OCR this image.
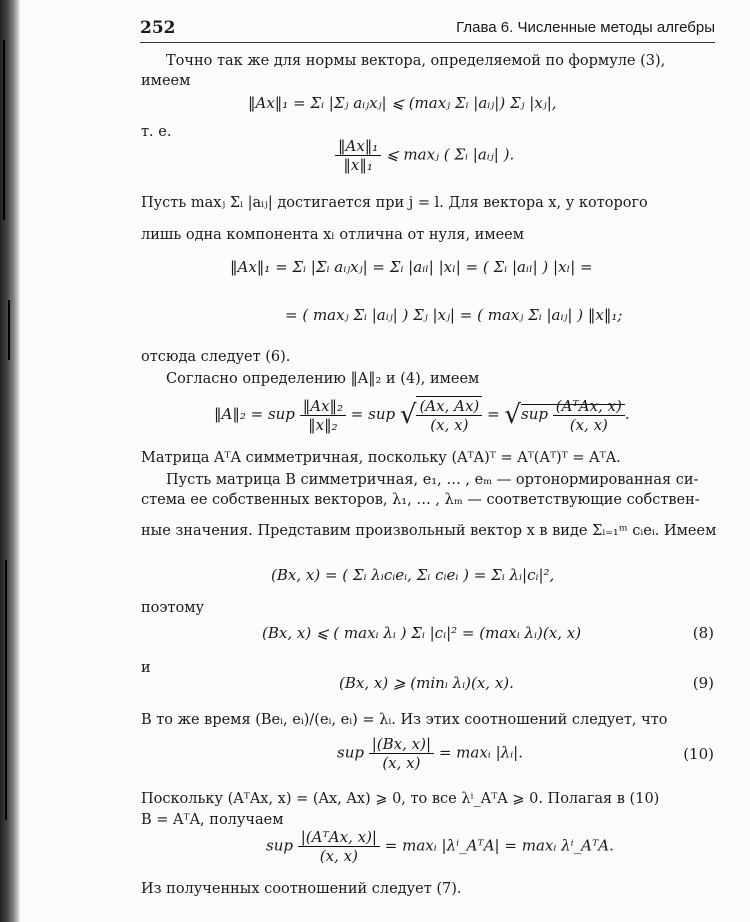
252	Глава 6. Численные методы алгебры
Точно так же для нормы вектора, определяемой по формуле (3),
имеем
‖Ax‖₁ = Σᵢ |Σⱼ aᵢⱼxⱼ| ⩽ (maxⱼ Σᵢ |aᵢⱼ|) Σⱼ |xⱼ|,
т. е.
$\frac{\text{‖Ax‖₁}}{\text{‖x‖₁}}$ ⩽ maxⱼ ( Σᵢ |aᵢⱼ| ).
Пусть maxⱼ Σᵢ |aᵢⱼ| достигается при j = l. Для вектора x, у которого
лишь одна компонента xₗ отлична от нуля, имеем
‖Ax‖₁ = Σᵢ |Σᵢ aᵢⱼxⱼ| = Σᵢ |aᵢₗ| |xₗ| = ( Σᵢ |aᵢₗ| ) |xₗ| =
= ( maxⱼ Σᵢ |aᵢⱼ| ) Σⱼ |xⱼ| = ( maxⱼ Σᵢ |aᵢⱼ| ) ‖x‖₁;
отсюда следует (6).
Согласно определению ‖A‖₂ и (4), имеем
‖A‖₂ = sup $\frac{\text{‖Ax‖₂}}{\text{‖x‖₂}}$ = sup √ $\frac{(Ax, Ax)}{(x, x)} = √sup \frac{\text{(AᵀAx, x)}}{(x, x)}$ .
Матрица AᵀA симметричная, поскольку (AᵀA)ᵀ = Aᵀ(Aᵀ)ᵀ = AᵀA.
Пусть матрица B симметричная, e₁, … , eₘ — ортонормированная си-
стема ее собственных векторов, λ₁, … , λₘ — соответствующие собствен-
ные значения. Представим произвольный вектор x в виде Σᵢ₌₁ᵐ cᵢeᵢ. Имеем
(Bx, x) = ( Σᵢ λᵢcᵢeᵢ, Σᵢ cᵢeᵢ ) = Σᵢ λᵢ|cᵢ|²,
поэтому
(Bx, x) ⩽ ( maxᵢ λᵢ ) Σᵢ |cᵢ|² = (maxᵢ λᵢ)(x, x)	(8)
и
(Bx, x) ⩾ (minᵢ λᵢ)(x, x).	(9)
В то же время (Beᵢ, eᵢ)/(eᵢ, eᵢ) = λᵢ. Из этих соотношений следует, что
sup $\frac{|(Bx, x)|}{(x, x)}$ = maxᵢ |λᵢ|.	(10)
Поскольку (AᵀAx, x) = (Ax, Ax) ⩾ 0, то все λⁱ_AᵀA ⩾ 0. Полагая в (10)
B = AᵀA, получаем
sup $\frac{\text{|(AᵀAx, x)|}}{(x, x)}$ = maxᵢ |λⁱ_AᵀA| = maxᵢ λⁱ_AᵀA.
Из полученных соотношений следует (7).
